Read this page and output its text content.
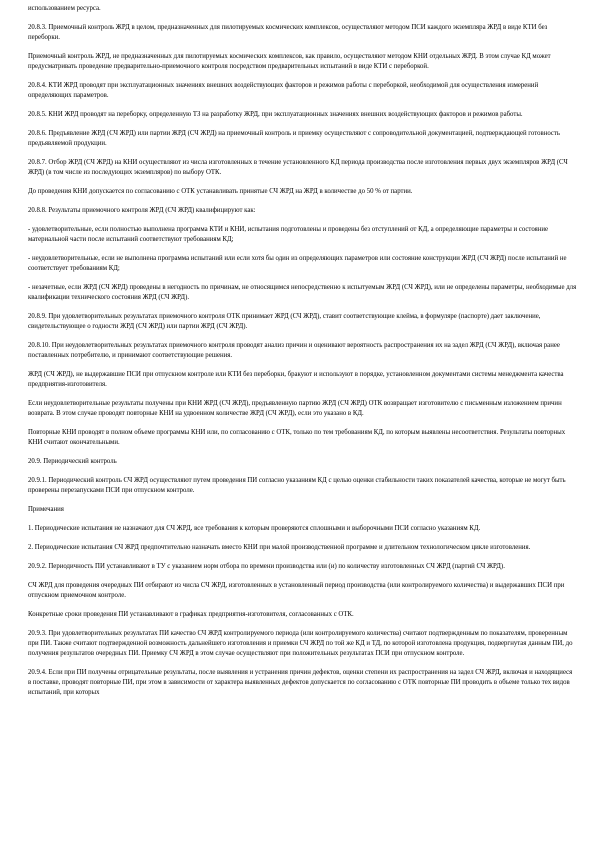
использованием ресурса.

20.8.3. Приемочный контроль ЖРД в целом, предназначенных для пилотируемых космических комплексов, осуществляют методом ПСИ каждого экземпляра ЖРД в виде КТИ без переборки.

Приемочный контроль ЖРД, не предназначенных для пилотируемых космических комплексов, как правило, осуществляют методом КНИ отдельных ЖРД. В этом случае КД может предусматривать проведение предварительно-приемочного контроля посредством предварительных испытаний в виде КТИ с переборкой.

20.8.4. КТИ ЖРД проводят при эксплуатационных значениях внешних воздействующих факторов и режимов работы с переборкой, необходимой для осуществления измерений определяющих параметров.

20.8.5. КНИ ЖРД проводят на переборку, определенную ТЗ на разработку ЖРД, при эксплуатационных значениях внешних воздействующих факторов и режимов работы.

20.8.6. Предъявление ЖРД (СЧ ЖРД) или партии ЖРД (СЧ ЖРД) на приемочный контроль и приемку осуществляют с сопроводительной документацией, подтверждающей готовность предъявляемой продукции.

20.8.7. Отбор ЖРД (СЧ ЖРД) на КНИ осуществляют из числа изготовленных в течение установленного КД периода производства после изготовления первых двух экземпляров ЖРД (СЧ ЖРД) (в том числе из последующих экземпляров) по выбору ОТК.

До проведения КНИ допускается по согласованию с ОТК устанавливать принятые СЧ ЖРД на ЖРД в количестве до 50 % от партии.

20.8.8. Результаты приемочного контроля ЖРД (СЧ ЖРД) квалифицируют как:

- удовлетворительные, если полностью выполнена программа КТИ и КНИ, испытания подготовлены и проведены без отступлений от КД, а определяющие параметры и состояние материальной части после испытаний соответствуют требованиям КД;

- неудовлетворительные, если не выполнена программа испытаний или если хотя бы один из определяющих параметров или состояние конструкции ЖРД (СЧ ЖРД) после испытаний не соответствует требованиям КД;

- незачетные, если ЖРД (СЧ ЖРД) проведены в негодность по причинам, не относящимся непосредственно к испытуемым ЖРД (СЧ ЖРД), или не определены параметры, необходимые для квалификации технического состояния ЖРД (СЧ ЖРД).

20.8.9. При удовлетворительных результатах приемочного контроля ОТК принимает ЖРД (СЧ ЖРД), ставит соответствующие клейма, в формуляре (паспорте) дает заключение, свидетельствующее о годности ЖРД (СЧ ЖРД) или партии ЖРД (СЧ ЖРД).

20.8.10. При неудовлетворительных результатах приемочного контроля проводят анализ причин и оценивают вероятность распространения их на задел ЖРД (СЧ ЖРД), включая ранее поставленных потребителю, и принимают соответствующие решения.

ЖРД (СЧ ЖРД), не выдержавшие ПСИ при отпускном контроле или КТИ без переборки, бракуют и используют в порядке, установленном документами системы менеджмента качества предприятия-изготовителя.

Если неудовлетворительные результаты получены при КНИ ЖРД (СЧ ЖРД), предъявленную партию ЖРД (СЧ ЖРД) ОТК возвращает изготовителю с письменным изложением причин возврата. В этом случае проводят повторные КНИ на удвоенном количестве ЖРД (СЧ ЖРД), если это указано в КД.

Повторные КНИ проводят в полном объеме программы КНИ или, по согласованию с ОТК, только по тем требованиям КД, по которым выявлены несоответствия. Результаты повторных КНИ считают окончательными.

20.9. Периодический контроль

20.9.1. Периодический контроль СЧ ЖРД осуществляют путем проведения ПИ согласно указаниям КД с целью оценки стабильности таких показателей качества, которые не могут быть проверены перезапусками ПСИ при отпускном контроле.

Примечания

1. Периодические испытания не назначают для СЧ ЖРД, все требования к которым проверяются сплошными и выборочными ПСИ согласно указаниям КД.

2. Периодические испытания СЧ ЖРД предпочтительно назначать вместо КНИ при малой производственной программе и длительном технологическом цикле изготовления.

20.9.2. Периодичность ПИ устанавливают в ТУ с указанием норм отбора по времени производства или (и) по количеству изготовленных СЧ ЖРД (партий СЧ ЖРД).

СЧ ЖРД для проведения очередных ПИ отбирают из числа СЧ ЖРД, изготовленных в установленный период производства (или контролируемого количества) и выдержавших ПСИ при отпускном приемочном контроле.

Конкретные сроки проведения ПИ устанавливают в графиках предприятия-изготовителя, согласованных с ОТК.

20.9.3. При удовлетворительных результатах ПИ качество СЧ ЖРД контролируемого периода (или контролируемого количества) считают подтвержденным по показателям, проверенным при ПИ. Также считают подтвержденной возможность дальнейшего изготовления и приемки СЧ ЖРД по той же КД и ТД, по которой изготовлена продукция, подвергнутая данным ПИ, до получения результатов очередных ПИ. Приемку СЧ ЖРД в этом случае осуществляют при положительных результатах ПСИ при отпускном контроле.

20.9.4. Если при ПИ получены отрицательные результаты, после выявления и устранения причин дефектов, оценки степени их распространения на задел СЧ ЖРД, включая и находящиеся в поставке, проводят повторные ПИ, при этом в зависимости от характера выявленных дефектов допускается по согласованию с ОТК повторные ПИ проводить в объеме только тех видов испытаний, при которых
